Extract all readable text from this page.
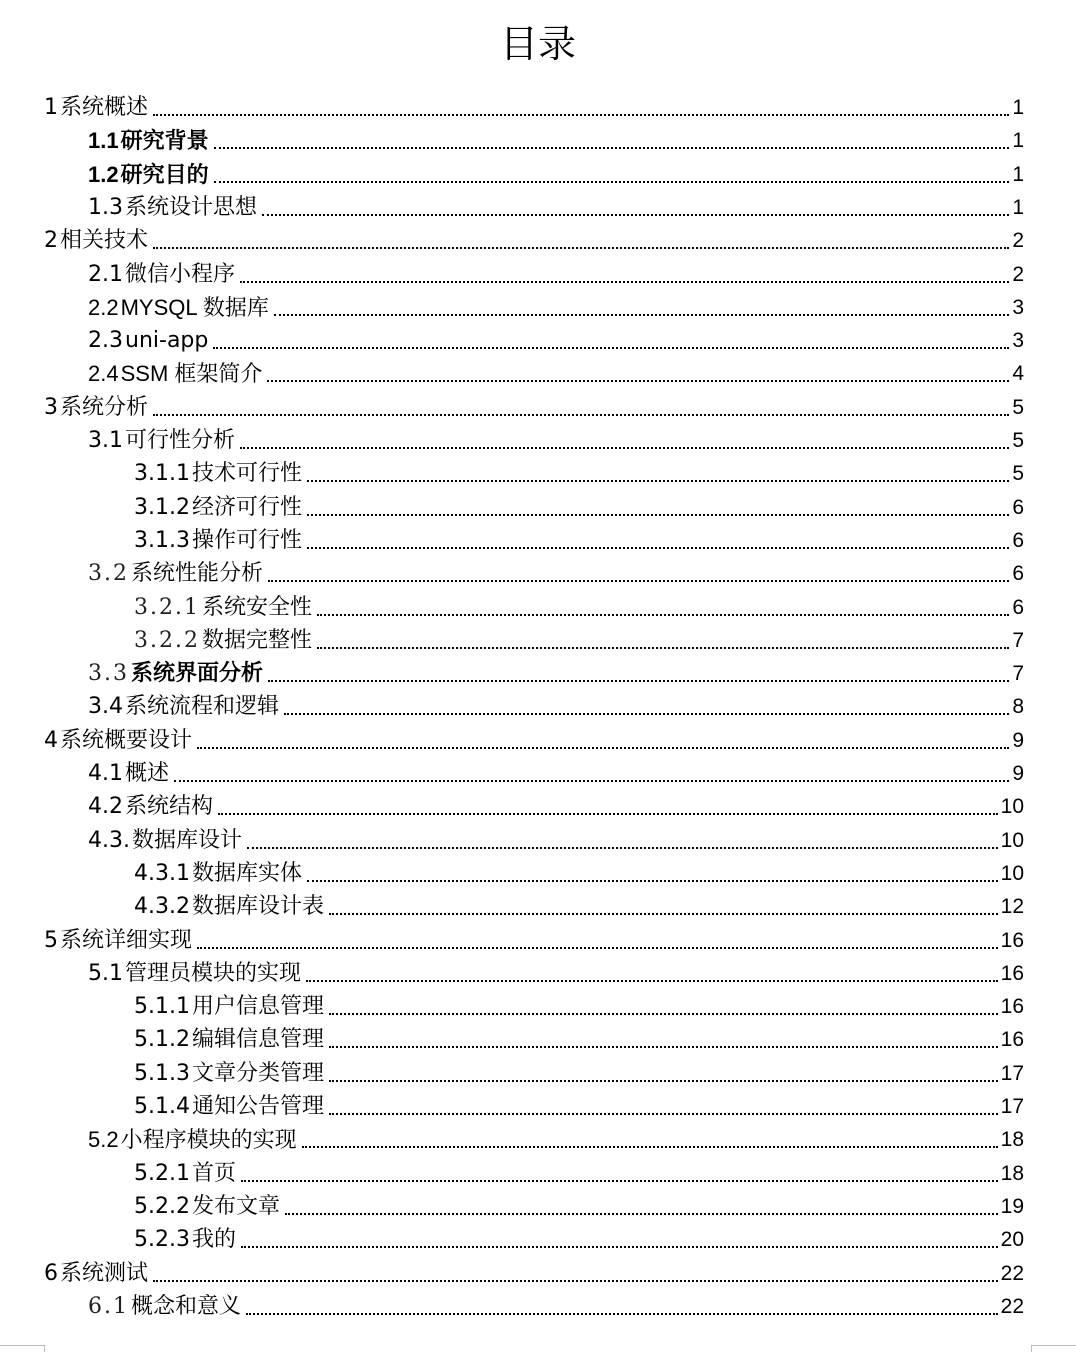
目录
1 系统概述	1
1.1 研究背景	1
1.2 研究目的	1
1.3 系统设计思想	1
2 相关技术	2
2.1 微信小程序	2
2.2 MYSQL 数据库	3
2.3 uni-app	3
2.4 SSM 框架简介	4
3 系统分析	5
3.1 可行性分析	5
3.1.1 技术可行性	5
3.1.2 经济可行性	6
3.1.3 操作可行性	6
3.2 系统性能分析	6
3.2.1 系统安全性	6
3.2.2 数据完整性	7
3.3 系统界面分析	7
3.4 系统流程和逻辑	8
4 系统概要设计	9
4.1 概述	9
4.2 系统结构	10
4.3. 数据库设计	10
4.3.1 数据库实体	10
4.3.2 数据库设计表	12
5 系统详细实现	16
5.1 管理员模块的实现	16
5.1.1 用户信息管理	16
5.1.2 编辑信息管理	16
5.1.3 文章分类管理	17
5.1.4 通知公告管理	17
5.2 小程序模块的实现	18
5.2.1 首页	18
5.2.2 发布文章	19
5.2.3 我的	20
6 系统测试	22
6.1 概念和意义	22
